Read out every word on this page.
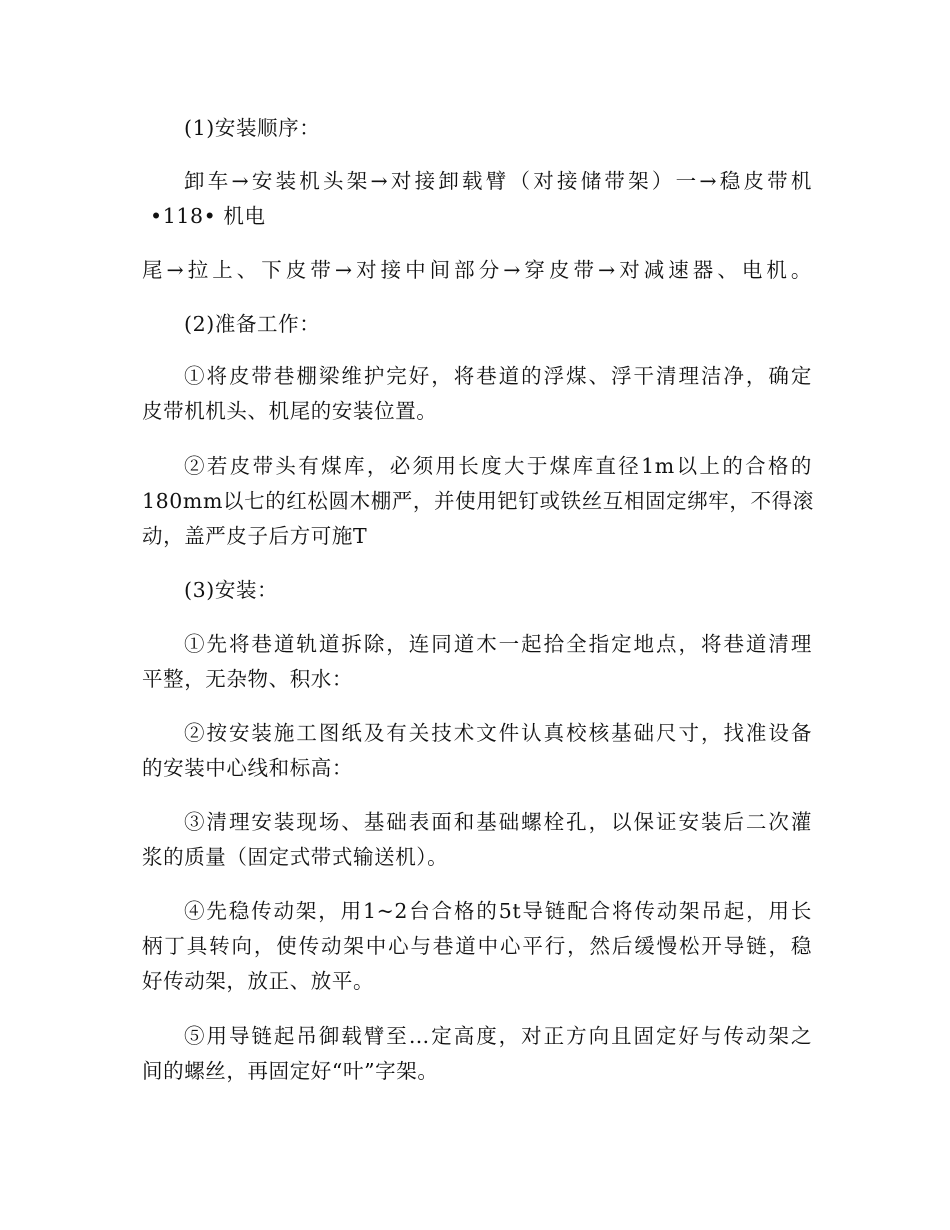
(1)安装顺序：
卸车→安装机头架→对接卸载臂（对接储带架）一→稳皮带机
•118• 机电
尾→拉上、下皮带→对接中间部分→穿皮带→对减速器、电机。
(2)准备工作：
①将皮带巷棚梁维护完好，将巷道的浮煤、浮干清理洁净，确定
皮带机机头、机尾的安装位置。
②若皮带头有煤库，必须用长度大于煤库直径1m以上的合格的
180mm以七的红松圆木棚严，并使用钯钉或铁丝互相固定绑牢，不得滚
动，盖严皮子后方可施T
(3)安装：
①先将巷道轨道拆除，连同道木一起拾全指定地点，将巷道清理
平整，无杂物、积水：
②按安装施工图纸及有关技术文件认真校核基础尺寸，找准设备
的安装中心线和标高：
③清理安装现场、基础表面和基础螺栓孔，以保证安装后二次灌
浆的质量（固定式带式输送机）。
④先稳传动架，用1~2台合格的5t导链配合将传动架吊起，用长
柄丁具转向，使传动架中心与巷道中心平行，然后缓慢松开导链，稳
好传动架，放正、放平。
⑤用导链起吊御载臂至…定高度，对正方向且固定好与传动架之
间的螺丝，再固定好“叶”字架。
